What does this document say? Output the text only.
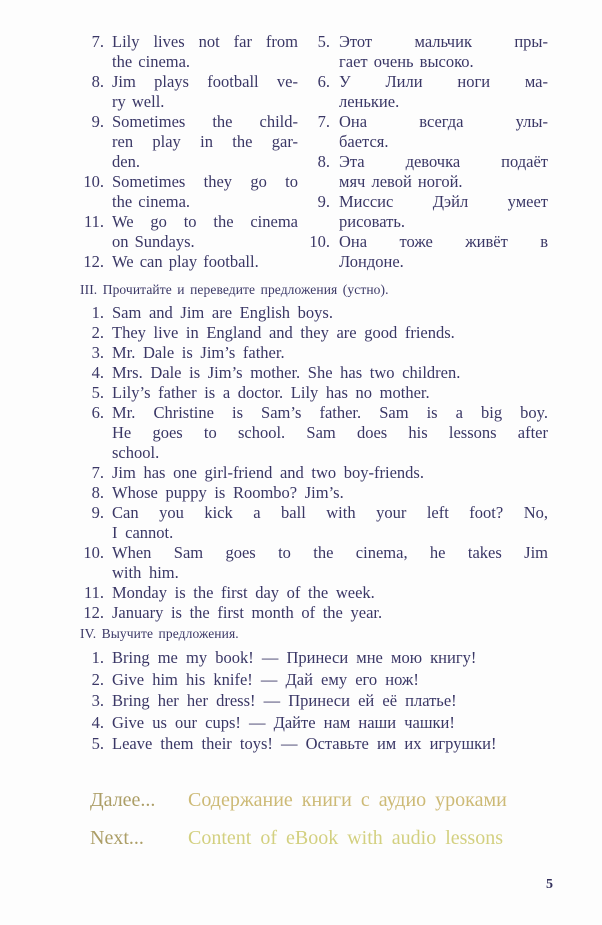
7. Lily lives not far from
the cinema.
8. Jim plays football ve-
ry well.
9. Sometimes the child-
ren play in the gar-
den.
10. Sometimes they go to
the cinema.
11. We go to the cinema
on Sundays.
12. We can play football.
5. Этот мальчик пры-
гает очень высоко.
6. У Лили ноги ма-
ленькие.
7. Она всегда улы-
бается.
8. Эта девочка подаёт
мяч левой ногой.
9. Миссис Дэйл умеет
рисовать.
10. Она тоже живёт в
Лондоне.
III. Прочитайте и переведите предложения (устно).
1. Sam and Jim are English boys.
2. They live in England and they are good friends.
3. Mr. Dale is Jim’s father.
4. Mrs. Dale is Jim’s mother. She has two children.
5. Lily’s father is a doctor. Lily has no mother.
6. Mr. Christine is Sam’s father. Sam is a big boy.
He goes to school. Sam does his lessons after
school.
7. Jim has one girl-friend and two boy-friends.
8. Whose puppy is Roombo? Jim’s.
9. Can you kick a ball with your left foot? No,
I cannot.
10. When Sam goes to the cinema, he takes Jim
with him.
11. Monday is the first day of the week.
12. January is the first month of the year.
IV. Выучите предложения.
1. Bring me my book! — Принеси мне мою книгу!
2. Give him his knife! — Дай ему его нож!
3. Bring her her dress! — Принеси ей её платье!
4. Give us our cups! — Дайте нам наши чашки!
5. Leave them their toys! — Оставьте им их игрушки!
Далее... Содержание книги с аудио уроками
Next... Content of eBook with audio lessons
5
